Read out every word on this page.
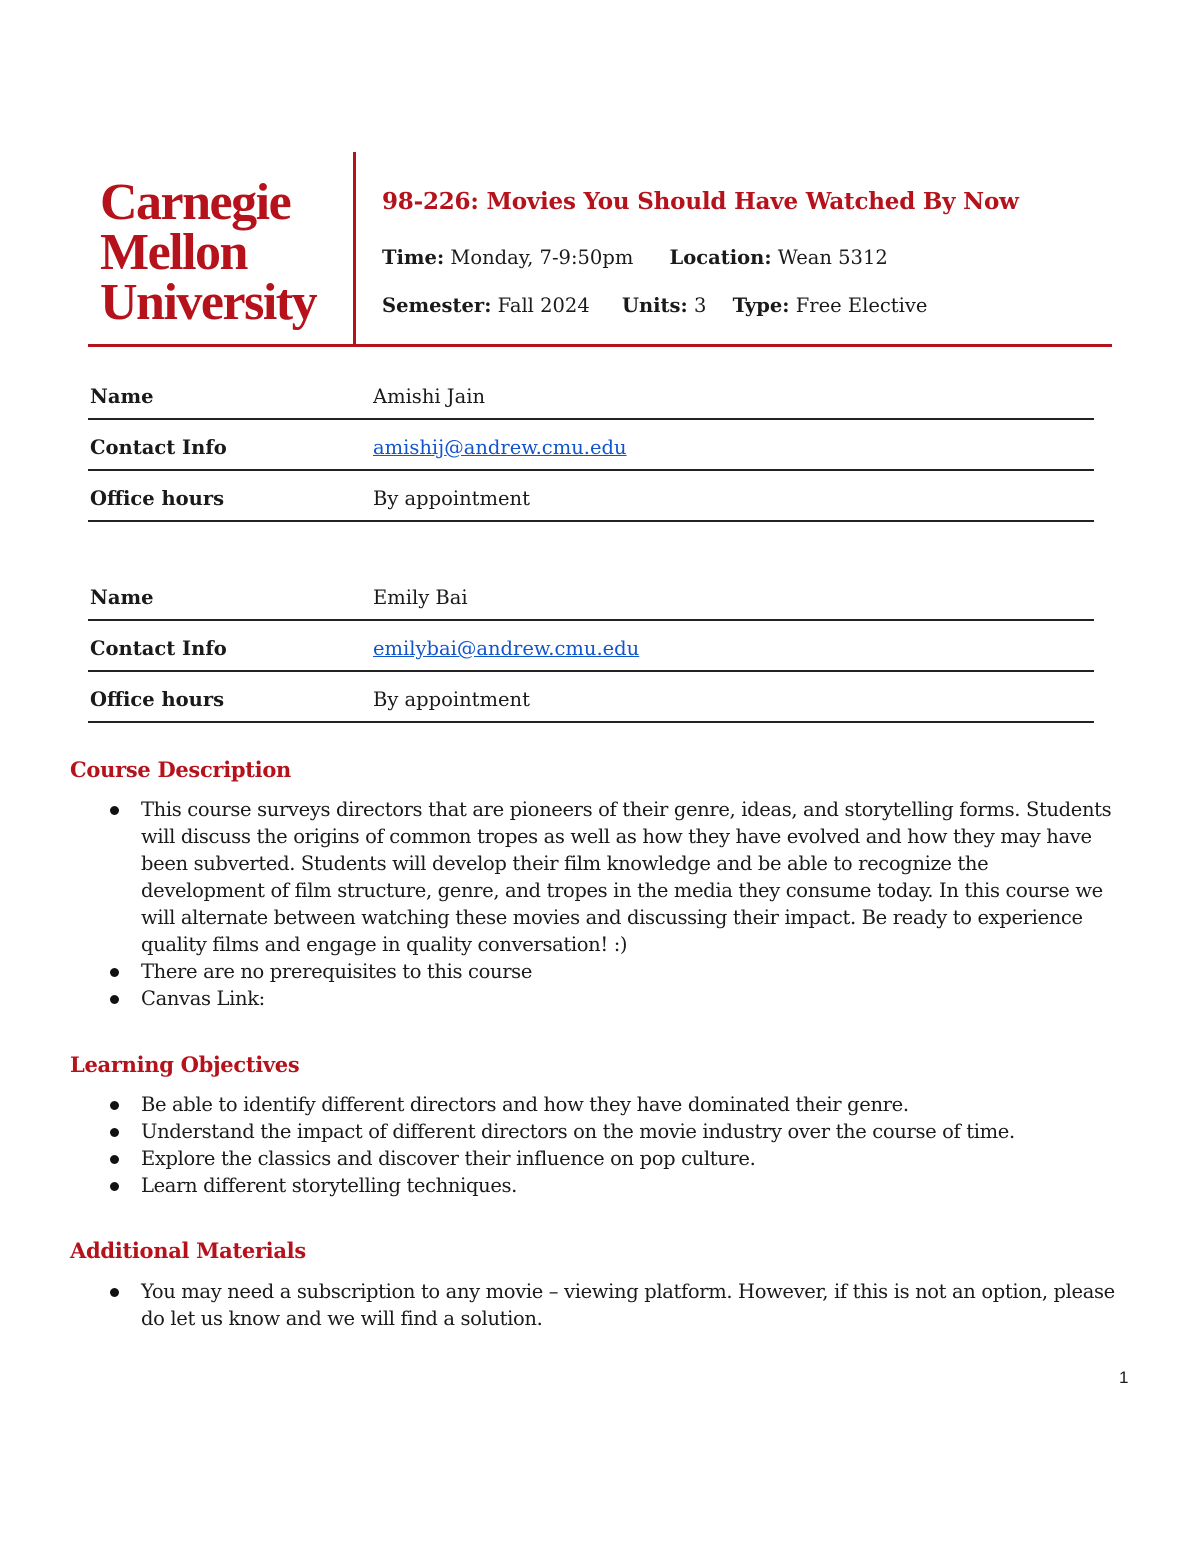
Carnegie
Mellon
University
98-226: Movies You Should Have Watched By Now
Time: Monday, 7-9:50pm Location: Wean 5312
Semester: Fall 2024 Units: 3 Type: Free Elective
Name	Amishi Jain
Contact Info	amishij@andrew.cmu.edu
Office hours	By appointment
Name	Emily Bai
Contact Info	emilybai@andrew.cmu.edu
Office hours	By appointment
Course Description
This course surveys directors that are pioneers of their genre, ideas, and storytelling forms. Students will discuss the origins of common tropes as well as how they have evolved and how they may have been subverted. Students will develop their film knowledge and be able to recognize the development of film structure, genre, and tropes in the media they consume today. In this course we will alternate between watching these movies and discussing their impact. Be ready to experience quality films and engage in quality conversation! :)
There are no prerequisites to this course
Canvas Link:
Learning Objectives
Be able to identify different directors and how they have dominated their genre.
Understand the impact of different directors on the movie industry over the course of time.
Explore the classics and discover their influence on pop culture.
Learn different storytelling techniques.
Additional Materials
You may need a subscription to any movie – viewing platform. However, if this is not an option, please do let us know and we will find a solution.
1
